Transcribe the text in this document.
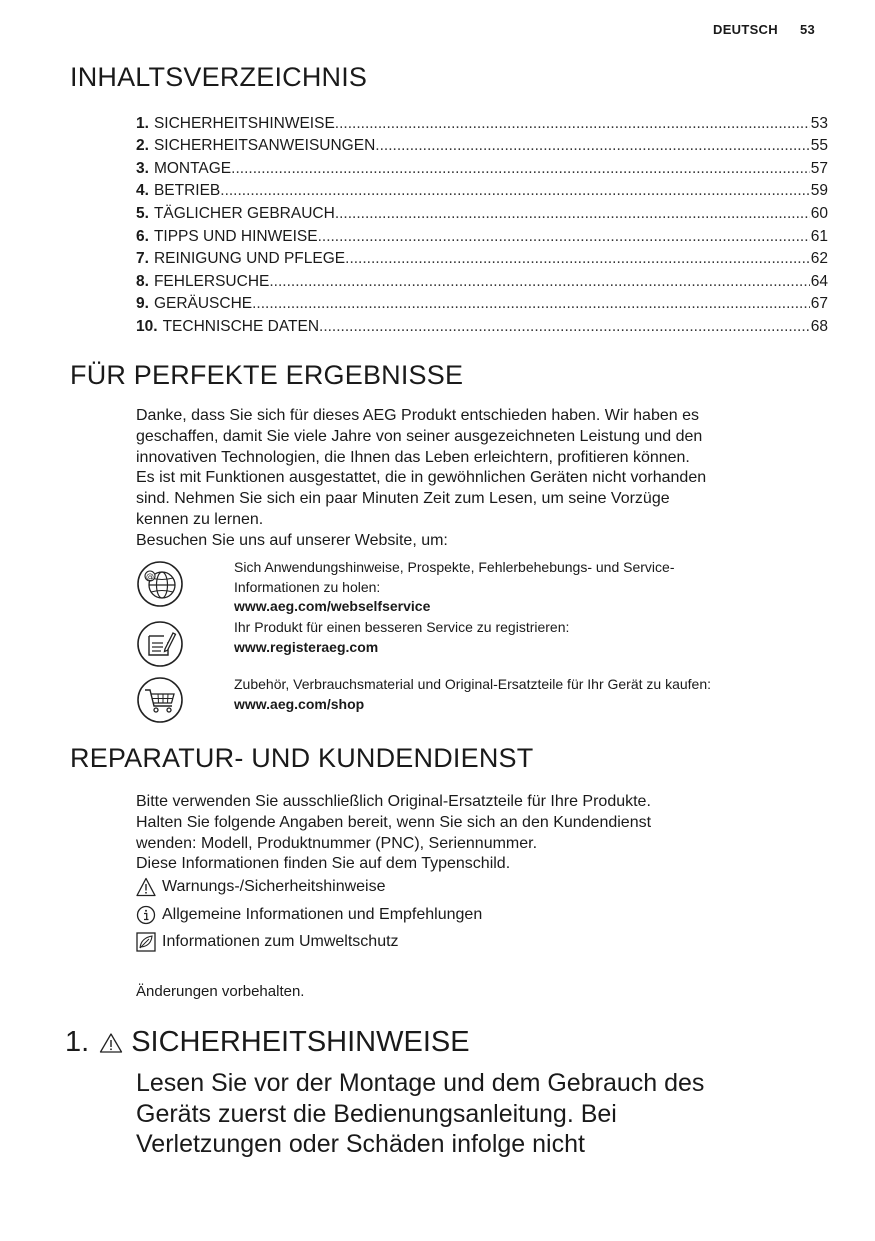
DEUTSCH 53
INHALTSVERZEICHNIS
1. SICHERHEITSHINWEISE .....	53
2. SICHERHEITSANWEISUNGEN .....	55
3. MONTAGE .....	57
4. BETRIEB .....	59
5. TÄGLICHER GEBRAUCH .....	60
6. TIPPS UND HINWEISE .....	61
7. REINIGUNG UND PFLEGE .....	62
8. FEHLERSUCHE .....	64
9. GERÄUSCHE .....	67
10. TECHNISCHE DATEN .....	68
FÜR PERFEKTE ERGEBNISSE

Danke, dass Sie sich für dieses AEG Produkt entschieden haben. Wir haben es
geschaffen, damit Sie viele Jahre von seiner ausgezeichneten Leistung und den
innovativen Technologien, die Ihnen das Leben erleichtern, profitieren können.
Es ist mit Funktionen ausgestattet, die in gewöhnlichen Geräten nicht vorhanden
sind. Nehmen Sie sich ein paar Minuten Zeit zum Lesen, um seine Vorzüge
kennen zu lernen.
Besuchen Sie uns auf unserer Website, um:

@

Sich Anwendungshinweise, Prospekte, Fehlerbehebungs- und Service-
Informationen zu holen:
www.aeg.com/webselfservice

Ihr Produkt für einen besseren Service zu registrieren:
www.registeraeg.com

Zubehör, Verbrauchsmaterial und Original-Ersatzteile für Ihr Gerät zu kaufen:
www.aeg.com/shop

REPARATUR- UND KUNDENDIENST

Bitte verwenden Sie ausschließlich Original-Ersatzteile für Ihre Produkte.
Halten Sie folgende Angaben bereit, wenn Sie sich an den Kundendienst
wenden: Modell, Produktnummer (PNC), Seriennummer.
Diese Informationen finden Sie auf dem Typenschild.

Warnungs-/Sicherheitshinweise
Allgemeine Informationen und Empfehlungen
Informationen zum Umweltschutz

Änderungen vorbehalten.

1. SICHERHEITSHINWEISE

Lesen Sie vor der Montage und dem Gebrauch des
Geräts zuerst die Bedienungsanleitung. Bei
Verletzungen oder Schäden infolge nicht
